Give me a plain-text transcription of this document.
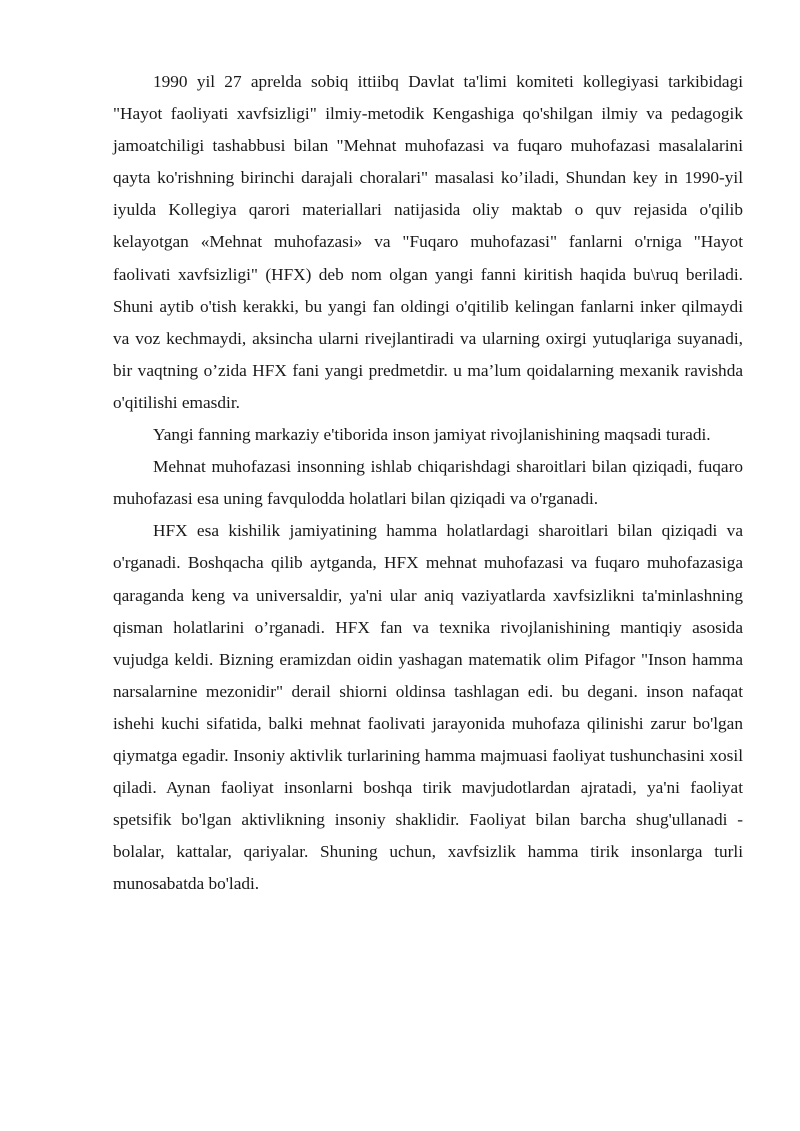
1990 yil 27 aprelda sobiq ittiibq Davlat ta'limi komiteti kollegiyasi tarkibidagi "Hayot faoliyati xavfsizligi" ilmiy-metodik Kengashiga qo'shilgan ilmiy va pedagogik jamoatchiligi tashabbusi bilan "Mehnat muhofazasi va fuqaro muhofazasi masalalarini qayta ko'rishning birinchi darajali choralari" masalasi ko’iladi, Shundan key in 1990-yil iyulda Kollegiya qarori materiallari natijasida oliy maktab o quv rejasida o'qilib kelayotgan «Mehnat muhofazasi» va "Fuqaro muhofazasi" fanlarni o'rniga "Hayot faolivati xavfsizligi" (HFX) deb nom olgan yangi fanni kiritish haqida bu\ruq beriladi. Shuni aytib o'tish kerakki, bu yangi fan oldingi o'qitilib kelingan fanlarni inker qilmaydi va voz kechmaydi, aksincha ularni rivejlantiradi va ularning oxirgi yutuqlariga suyanadi, bir vaqtning o’zida HFX fani yangi predmetdir. u ma’lum qoidalarning mexanik ravishda o'qitilishi emasdir.

Yangi fanning markaziy e'tiborida inson jamiyat rivojlanishining maqsadi turadi.

Mehnat muhofazasi insonning ishlab chiqarishdagi sharoitlari bilan qiziqadi, fuqaro muhofazasi esa uning favqulodda holatlari bilan qiziqadi va o'rganadi.

HFX esa kishilik jamiyatining hamma holatlardagi sharoitlari bilan qiziqadi va o'rganadi. Boshqacha qilib aytganda, HFX mehnat muhofazasi va fuqaro muhofazasiga qaraganda keng va universaldir, ya'ni ular aniq vaziyatlarda xavfsizlikni ta'minlashning qisman holatlarini o’rganadi. HFX fan va texnika rivojlanishining mantiqiy asosida vujudga keldi. Bizning eramizdan oidin yashagan matematik olim Pifagor "Inson hamma narsalarnine mezonidir" derail shiorni oldinsa tashlagan edi. bu degani. inson nafaqat ishehi kuchi sifatida, balki mehnat faolivati jarayonida muhofaza qilinishi zarur bo'lgan qiymatga egadir. Insoniy aktivlik turlarining hamma majmuasi faoliyat tushunchasini xosil qiladi. Aynan faoliyat insonlarni boshqa tirik mavjudotlardan ajratadi, ya'ni faoliyat spetsifik bo'lgan aktivlikning insoniy shaklidir. Faoliyat bilan barcha shug'ullanadi - bolalar, kattalar, qariyalar. Shuning uchun, xavfsizlik hamma tirik insonlarga turli munosabatda bo'ladi.
